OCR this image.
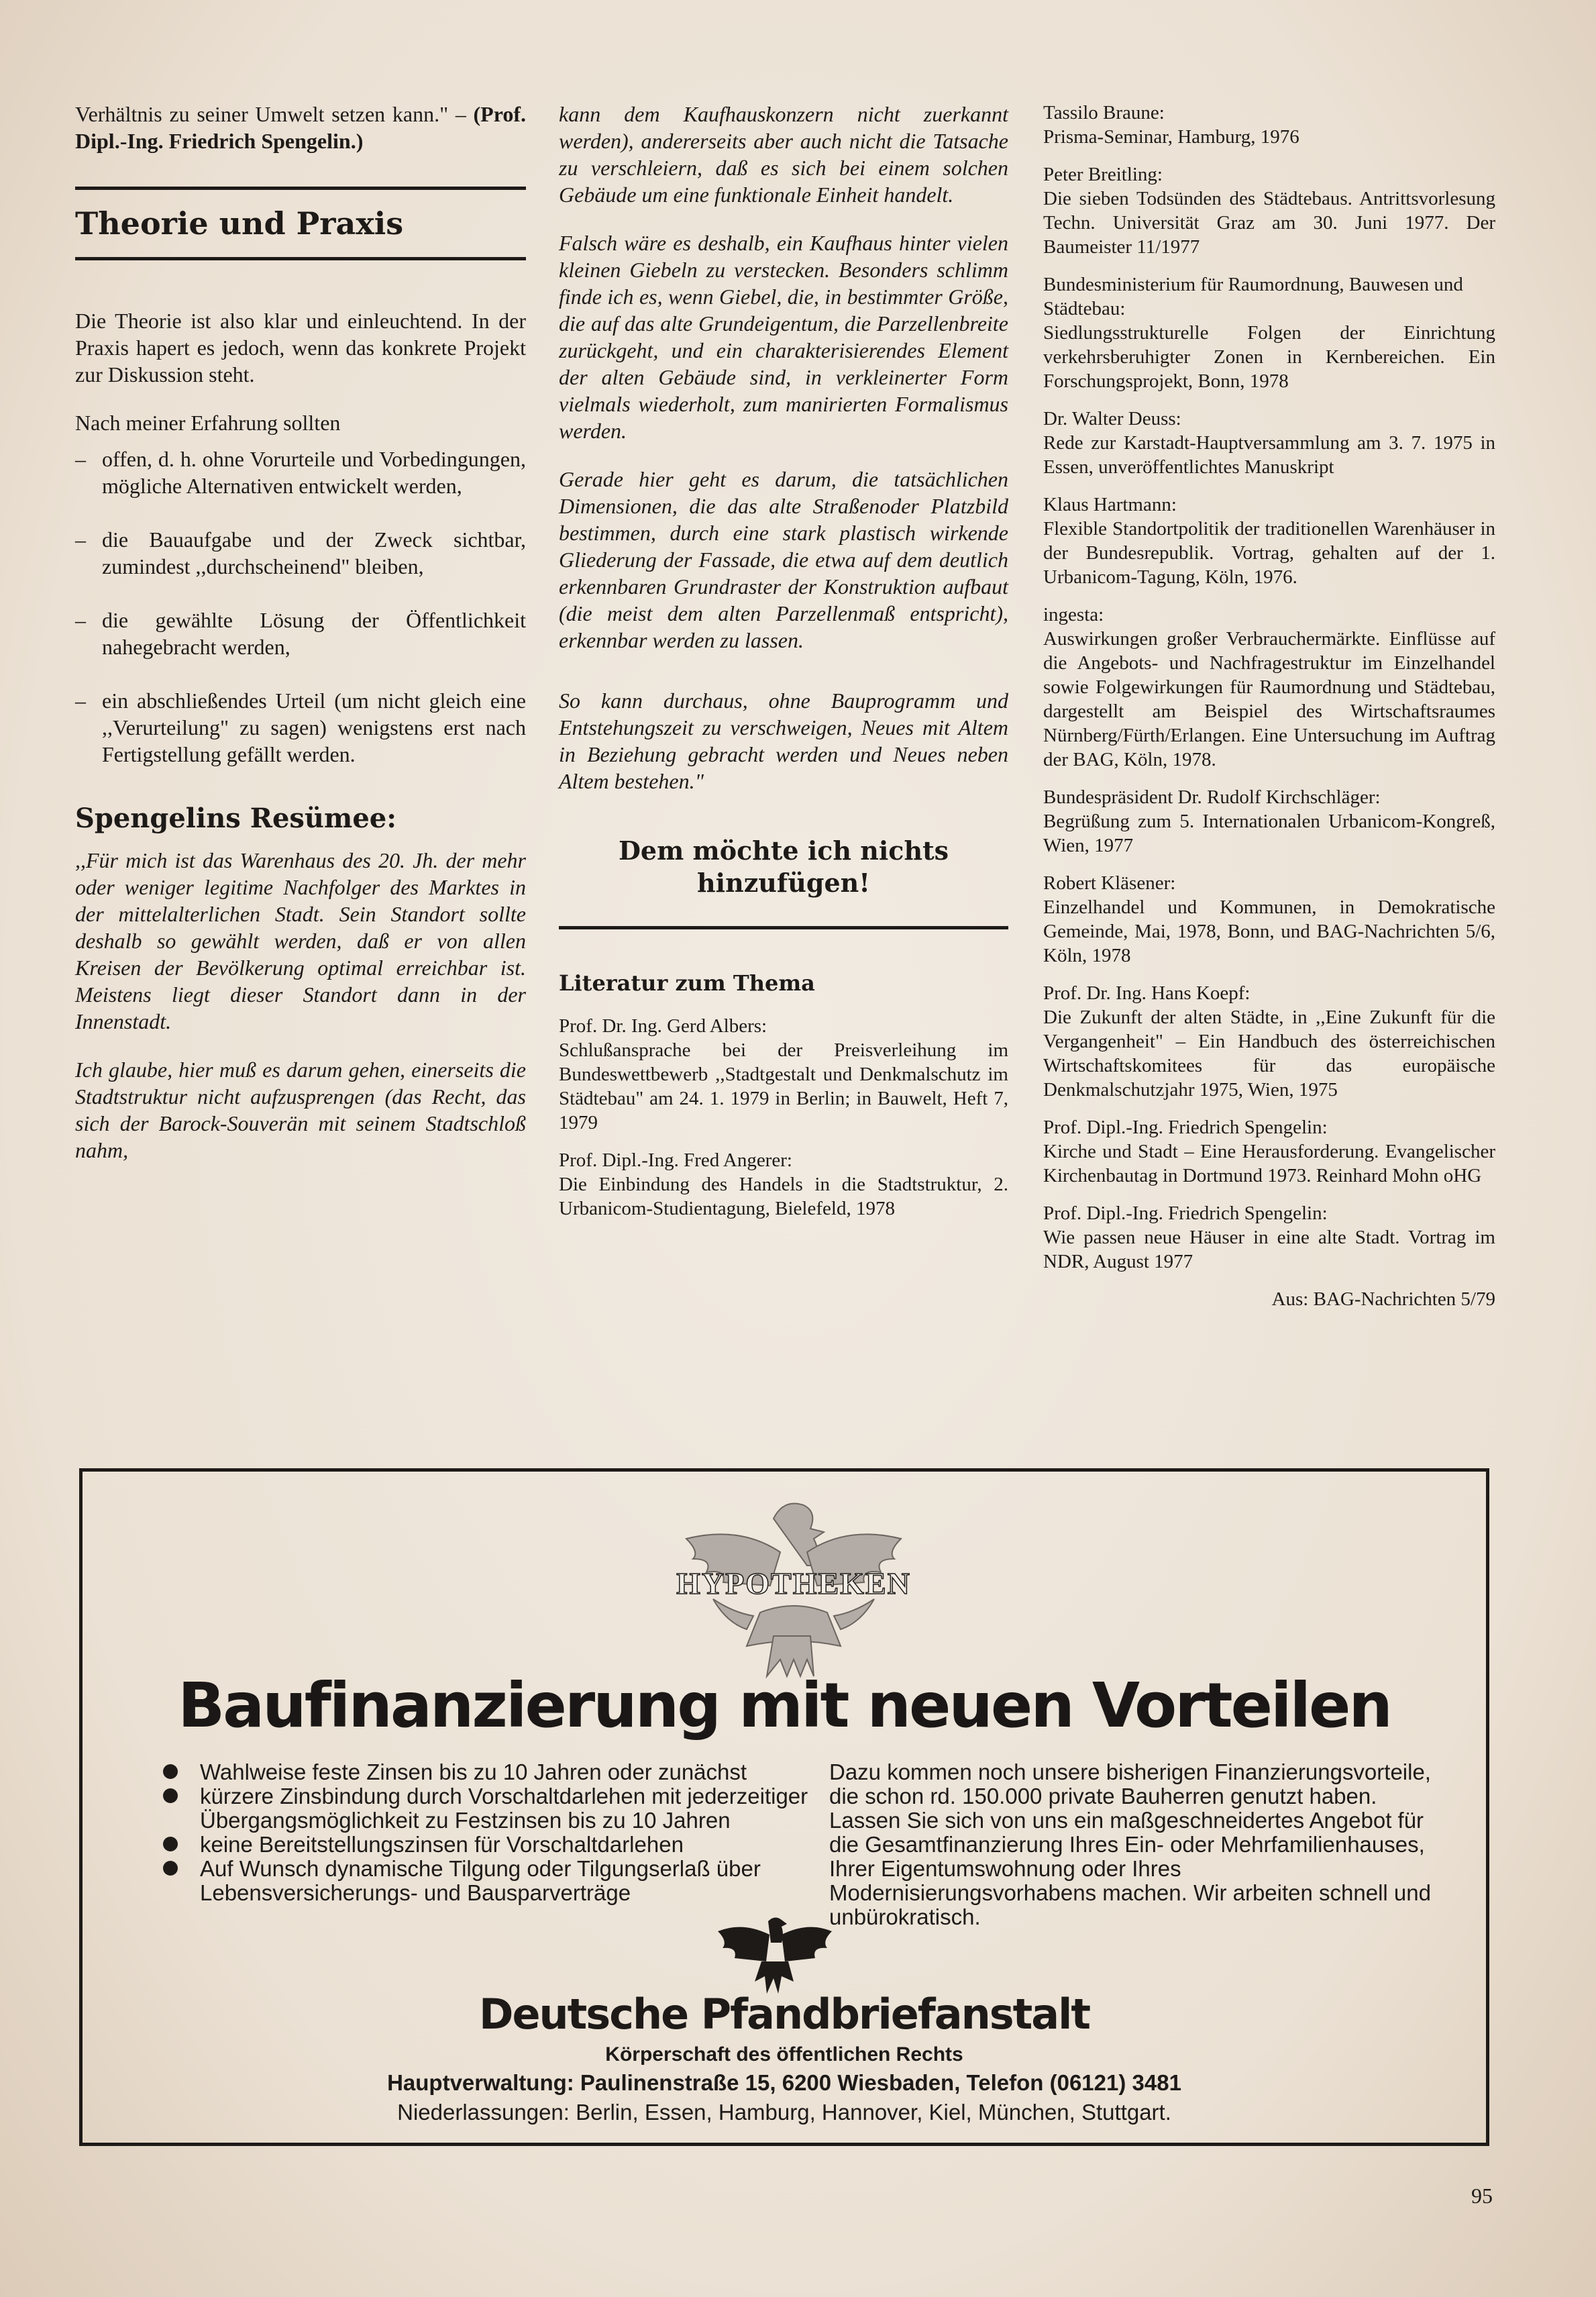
Verhältnis zu seiner Umwelt setzen kann." – (Prof. Dipl.-Ing. Friedrich Spengelin.)

Theorie und Praxis

Die Theorie ist also klar und einleuchtend. In der Praxis hapert es jedoch, wenn das konkrete Projekt zur Diskussion steht.

Nach meiner Erfahrung sollten

– offen, d. h. ohne Vorurteile und Vorbedingungen, mögliche Alternativen entwickelt werden,
– die Bauaufgabe und der Zweck sichtbar, zumindest ,,durchscheinend" bleiben,
– die gewählte Lösung der Öffentlichkeit nahegebracht werden,
– ein abschließendes Urteil (um nicht gleich eine ,,Verurteilung" zu sagen) wenigstens erst nach Fertigstellung gefällt werden.
Spengelins Resümee:

,,Für mich ist das Warenhaus des 20. Jh. der mehr oder weniger legitime Nachfolger des Marktes in der mittelalterlichen Stadt. Sein Standort sollte deshalb so gewählt werden, daß er von allen Kreisen der Bevölkerung optimal erreichbar ist. Meistens liegt dieser Standort dann in der Innenstadt.

Ich glaube, hier muß es darum gehen, einerseits die Stadtstruktur nicht aufzusprengen (das Recht, das sich der Barock-Souverän mit seinem Stadtschloß nahm,

kann dem Kaufhauskonzern nicht zuerkannt werden), andererseits aber auch nicht die Tatsache zu verschleiern, daß es sich bei einem solchen Gebäude um eine funktionale Einheit handelt.

Falsch wäre es deshalb, ein Kaufhaus hinter vielen kleinen Giebeln zu verstecken. Besonders schlimm finde ich es, wenn Giebel, die, in bestimmter Größe, die auf das alte Grundeigentum, die Parzellenbreite zurückgeht, und ein charakterisierendes Element der alten Gebäude sind, in verkleinerter Form vielmals wiederholt, zum manirierten Formalismus werden.

Gerade hier geht es darum, die tatsächlichen Dimensionen, die das alte Straßenoder Platzbild bestimmen, durch eine stark plastisch wirkende Gliederung der Fassade, die etwa auf dem deutlich erkennbaren Grundraster der Konstruktion aufbaut (die meist dem alten Parzellenmaß entspricht), erkennbar werden zu lassen.

So kann durchaus, ohne Bauprogramm und Entstehungszeit zu verschweigen, Neues mit Altem in Beziehung gebracht werden und Neues neben Altem bestehen."

Dem möchte ich nichts hinzufügen!
Literatur zum Thema
Prof. Dr. Ing. Gerd Albers:
Schlußansprache bei der Preisverleihung im Bundeswettbewerb ,,Stadtgestalt und Denkmalschutz im Städtebau" am 24. 1. 1979 in Berlin; in Bauwelt, Heft 7, 1979
Prof. Dipl.-Ing. Fred Angerer:
Die Einbindung des Handels in die Stadtstruktur, 2. Urbanicom-Studientagung, Bielefeld, 1978
Tassilo Braune:
Prisma-Seminar, Hamburg, 1976
Peter Breitling:
Die sieben Todsünden des Städtebaus. Antrittsvorlesung Techn. Universität Graz am 30. Juni 1977. Der Baumeister 11/1977
Bundesministerium für Raumordnung, Bauwesen und Städtebau:
Siedlungsstrukturelle Folgen der Einrichtung verkehrsberuhigter Zonen in Kernbereichen. Ein Forschungsprojekt, Bonn, 1978
Dr. Walter Deuss:
Rede zur Karstadt-Hauptversammlung am 3. 7. 1975 in Essen, unveröffentlichtes Manuskript
Klaus Hartmann:
Flexible Standortpolitik der traditionellen Warenhäuser in der Bundesrepublik. Vortrag, gehalten auf der 1. Urbanicom-Tagung, Köln, 1976.
ingesta:
Auswirkungen großer Verbrauchermärkte. Einflüsse auf die Angebots- und Nachfragestruktur im Einzelhandel sowie Folgewirkungen für Raumordnung und Städtebau, dargestellt am Beispiel des Wirtschaftsraumes Nürnberg/Fürth/Erlangen. Eine Untersuchung im Auftrag der BAG, Köln, 1978.
Bundespräsident Dr. Rudolf Kirchschläger:
Begrüßung zum 5. Internationalen Urbanicom-Kongreß, Wien, 1977
Robert Kläsener:
Einzelhandel und Kommunen, in Demokratische Gemeinde, Mai, 1978, Bonn, und BAG-Nachrichten 5/6, Köln, 1978
Prof. Dr. Ing. Hans Koepf:
Die Zukunft der alten Städte, in ,,Eine Zukunft für die Vergangenheit" – Ein Handbuch des österreichischen Wirtschaftskomitees für das europäische Denkmalschutzjahr 1975, Wien, 1975
Prof. Dipl.-Ing. Friedrich Spengelin:
Kirche und Stadt – Eine Herausforderung. Evangelischer Kirchenbautag in Dortmund 1973. Reinhard Mohn oHG
Prof. Dipl.-Ing. Friedrich Spengelin:
Wie passen neue Häuser in eine alte Stadt. Vortrag im NDR, August 1977
Aus: BAG-Nachrichten 5/79
HYPOTHEKEN
Baufinanzierung mit neuen Vorteilen
Wahlweise feste Zinsen bis zu 10 Jahren oder zunächst
kürzere Zinsbindung durch Vorschaltdarlehen mit jederzeitiger Übergangsmöglichkeit zu Festzinsen bis zu 10 Jahren
keine Bereitstellungszinsen für Vorschaltdarlehen
Auf Wunsch dynamische Tilgung oder Tilgungserlaß über Lebensversicherungs- und Bausparverträge
Dazu kommen noch unsere bisherigen Finanzierungsvorteile, die schon rd. 150.000 private Bauherren genutzt haben. Lassen Sie sich von uns ein maßgeschneidertes Angebot für die Gesamtfinanzierung Ihres Ein- oder Mehrfamilienhauses, Ihrer Eigentumswohnung oder Ihres Modernisierungsvorhabens machen. Wir arbeiten schnell und unbürokratisch.
Deutsche Pfandbriefanstalt
Körperschaft des öffentlichen Rechts
Hauptverwaltung: Paulinenstraße 15, 6200 Wiesbaden, Telefon (06121) 3481
Niederlassungen: Berlin, Essen, Hamburg, Hannover, Kiel, München, Stuttgart.
95
